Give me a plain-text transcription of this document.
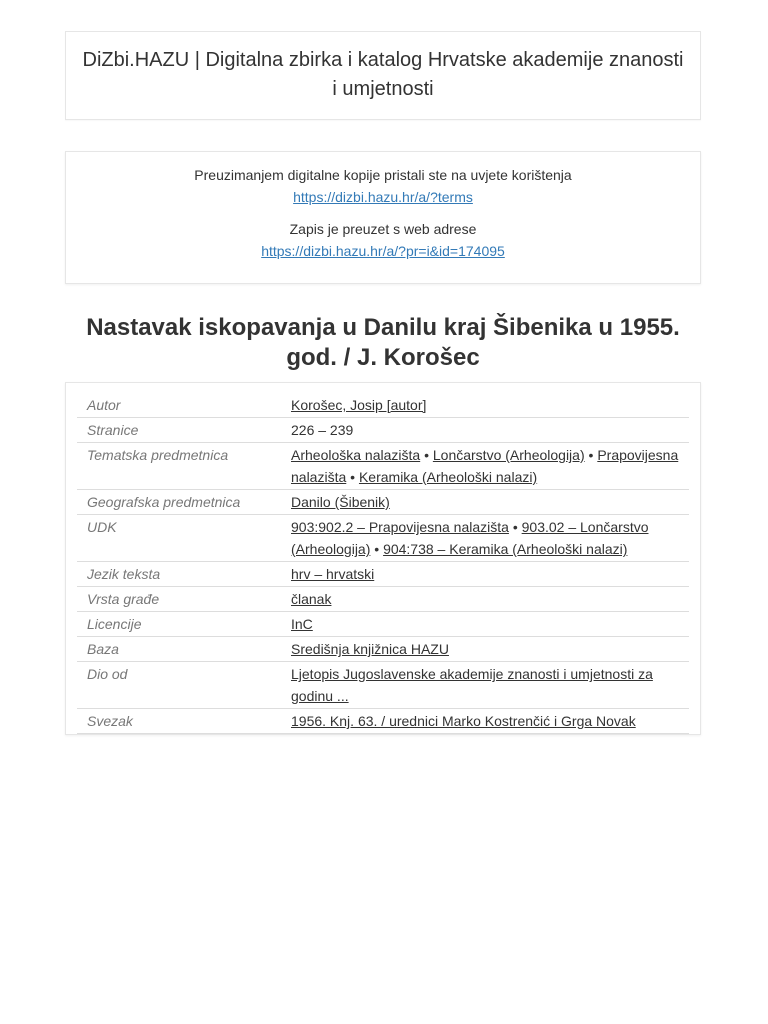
DiZbi.HAZU | Digitalna zbirka i katalog Hrvatske akademije znanosti i umjetnosti
Preuzimanjem digitalne kopije pristali ste na uvjete korištenja
https://dizbi.hazu.hr/a/?terms
Zapis je preuzet s web adrese
https://dizbi.hazu.hr/a/?pr=i&id=174095
Nastavak iskopavanja u Danilu kraj Šibenika u 1955. god. / J. Korošec
Autor	Korošec, Josip [autor]
Stranice	226 – 239
Tematska predmetnica	Arheološka nalazišta • Lončarstvo (Arheologija) • Prapovijesna nalazišta • Keramika (Arheološki nalazi)
Geografska predmetnica	Danilo (Šibenik)
UDK	903:902.2 – Prapovijesna nalazišta • 903.02 – Lončarstvo (Arheologija) • 904:738 – Keramika (Arheološki nalazi)
Jezik teksta	hrv – hrvatski
Vrsta građe	članak
Licencije	InC
Baza	Središnja knjižnica HAZU
Dio od	Ljetopis Jugoslavenske akademije znanosti i umjetnosti za godinu ...
Svezak	1956. Knj. 63. / urednici Marko Kostrenčić i Grga Novak
